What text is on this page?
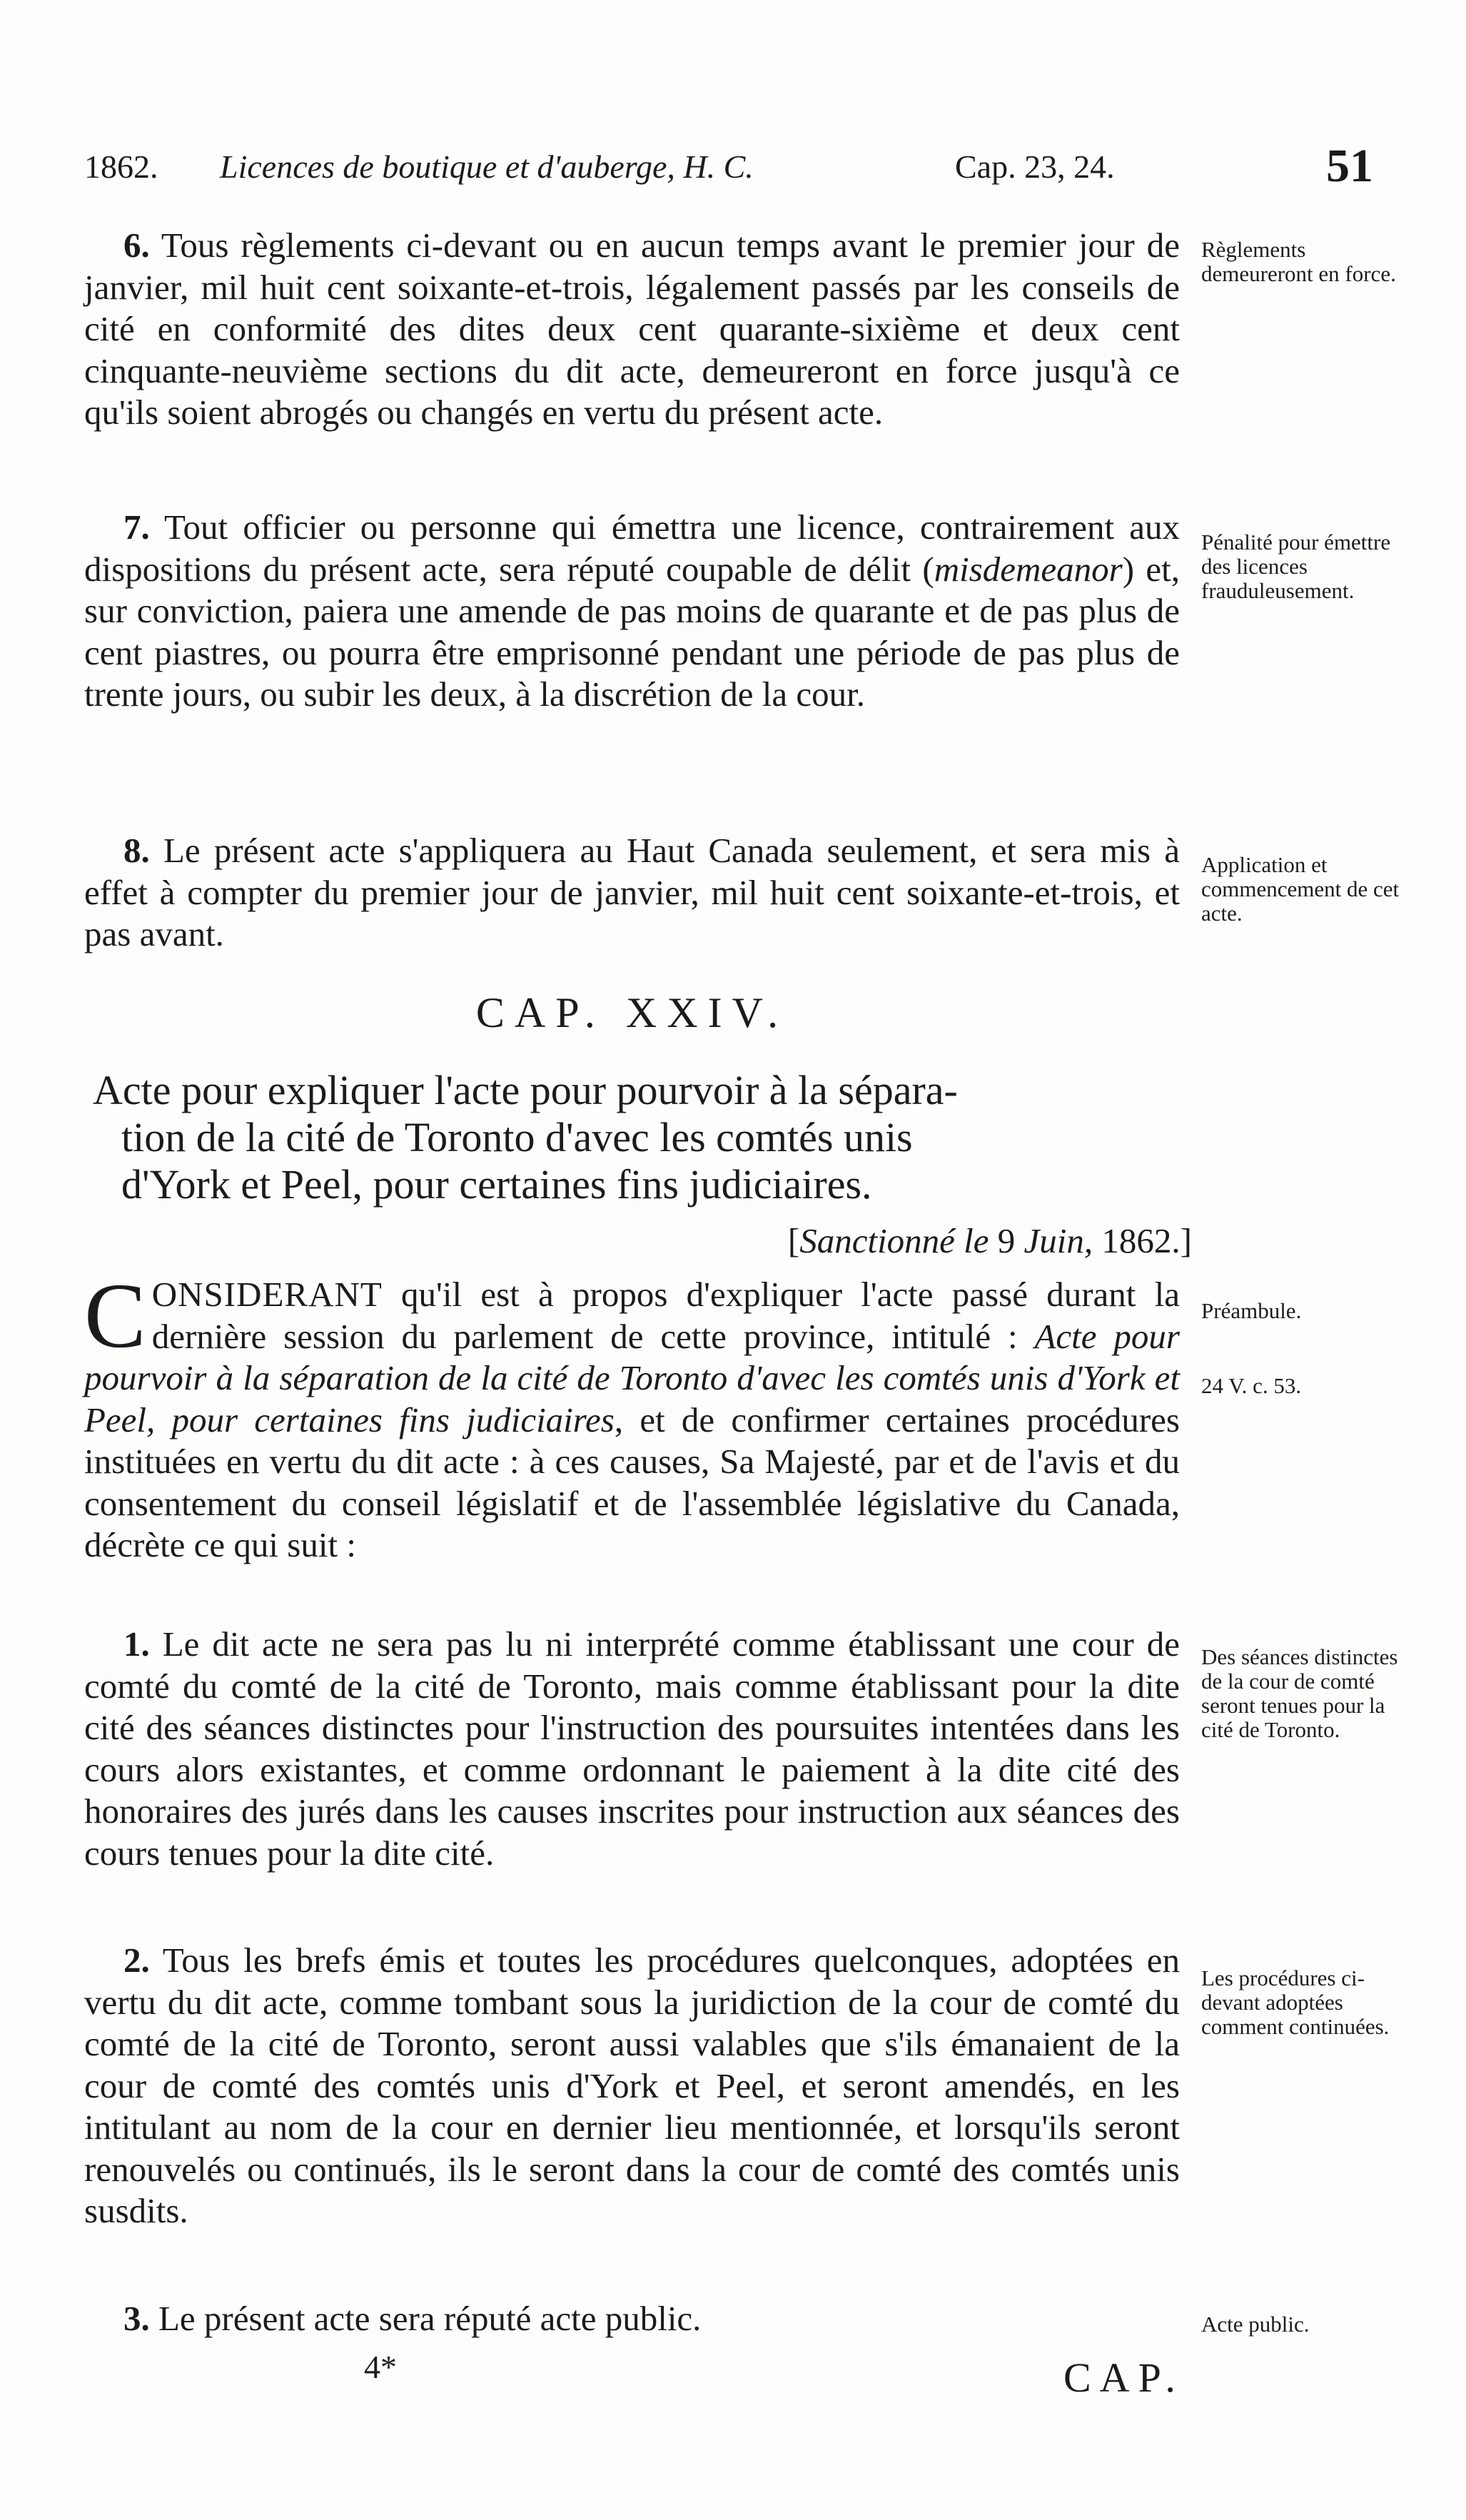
1862. Licences de boutique et d'auberge, H. C.	Cap. 23, 24.	51

6. Tous règlements ci-devant ou en aucun temps avant le premier jour de janvier, mil huit cent soixante-et-trois, légalement passés par les conseils de cité en conformité des dites deux cent quarante-sixième et deux cent cinquante-neuvième sections du dit acte, demeureront en force jusqu'à ce qu'ils soient abrogés ou changés en vertu du présent acte.

Règlements demeureront en force.

7. Tout officier ou personne qui émettra une licence, contrairement aux dispositions du présent acte, sera réputé coupable de délit (misdemeanor) et, sur conviction, paiera une amende de pas moins de quarante et de pas plus de cent piastres, ou pourra être emprisonné pendant une période de pas plus de trente jours, ou subir les deux, à la discrétion de la cour.

Pénalité pour émettre des licences frauduleusement.

8. Le présent acte s'appliquera au Haut Canada seulement, et sera mis à effet à compter du premier jour de janvier, mil huit cent soixante-et-trois, et pas avant.

Application et commencement de cet acte.
CAP. XXIV.
Acte pour expliquer l'acte pour pourvoir à la sépara-
tion de la cité de Toronto d'avec les comtés unis
d'York et Peel, pour certaines fins judiciaires.
[Sanctionné le 9 Juin, 1862.]

C ONSIDERANT qu'il est à propos d'expliquer l'acte passé durant la dernière session du parlement de cette province, intitulé : Acte pour pourvoir à la séparation de la cité de Toronto d'avec les comtés unis d'York et Peel, pour certaines fins judiciaires, et de confirmer certaines procédures instituées en vertu du dit acte : à ces causes, Sa Majesté, par et de l'avis et du consentement du conseil législatif et de l'assemblée législative du Canada, décrète ce qui suit :

Préambule.
24 V. c. 53.

1. Le dit acte ne sera pas lu ni interprété comme établissant une cour de comté du comté de la cité de Toronto, mais comme établissant pour la dite cité des séances distinctes pour l'instruction des poursuites intentées dans les cours alors existantes, et comme ordonnant le paiement à la dite cité des honoraires des jurés dans les causes inscrites pour instruction aux séances des cours tenues pour la dite cité.

Des séances distinctes de la cour de comté seront tenues pour la cité de Toronto.

2. Tous les brefs émis et toutes les procédures quelconques, adoptées en vertu du dit acte, comme tombant sous la juridiction de la cour de comté du comté de la cité de Toronto, seront aussi valables que s'ils émanaient de la cour de comté des comtés unis d'York et Peel, et seront amendés, en les intitulant au nom de la cour en dernier lieu mentionnée, et lorsqu'ils seront renouvelés ou continués, ils le seront dans la cour de comté des comtés unis susdits.

Les procédures ci-devant adoptées comment continuées.

3. Le présent acte sera réputé acte public.	Acte public.
4*	CAP.
